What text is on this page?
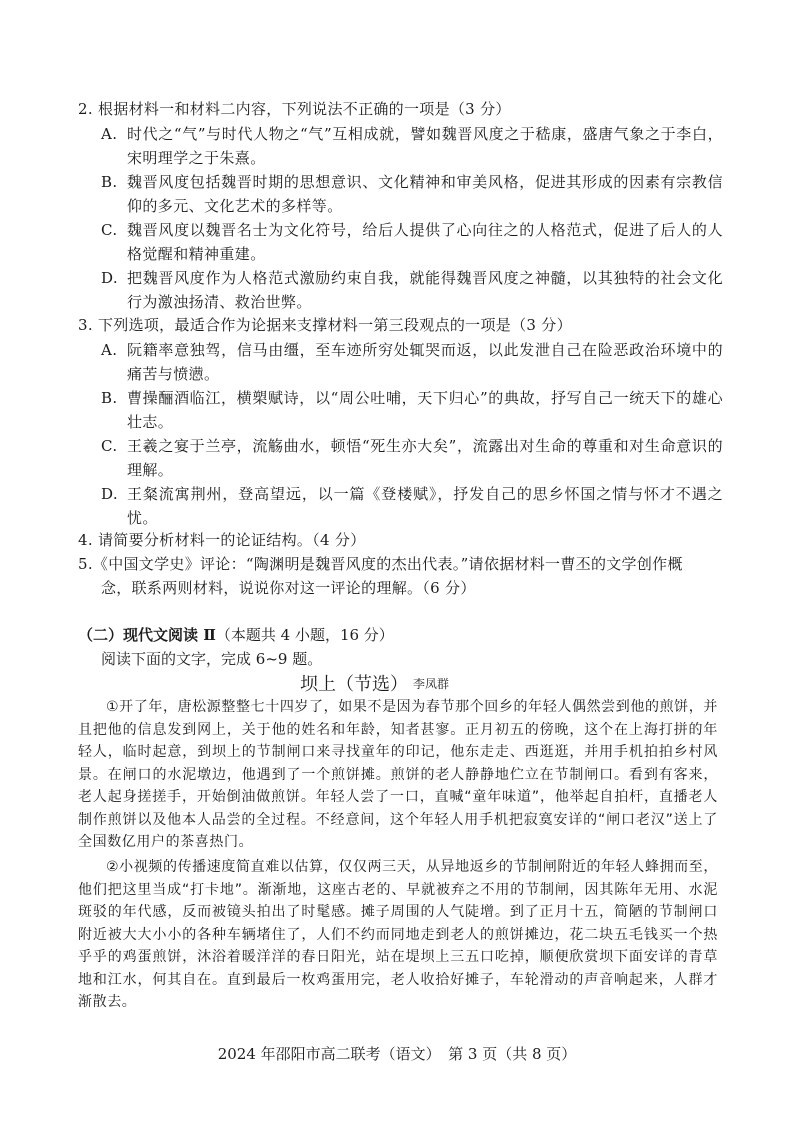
2. 根据材料一和材料二内容，下列说法不正确的一项是（3 分）
A. 时代之“气”与时代人物之“气”互相成就，譬如魏晋风度之于嵇康，盛唐气象之于李白，宋明理学之于朱熹。
B. 魏晋风度包括魏晋时期的思想意识、文化精神和审美风格，促进其形成的因素有宗教信仰的多元、文化艺术的多样等。
C. 魏晋风度以魏晋名士为文化符号，给后人提供了心向往之的人格范式，促进了后人的人格觉醒和精神重建。
D. 把魏晋风度作为人格范式激励约束自我，就能得魏晋风度之神髓，以其独特的社会文化行为激浊扬清、救治世弊。
3. 下列选项，最适合作为论据来支撑材料一第三段观点的一项是（3 分）
A. 阮籍率意独驾，信马由缰，至车迹所穷处辄哭而返，以此发泄自己在险恶政治环境中的痛苦与愤懑。
B. 曹操酾酒临江，横槊赋诗，以“周公吐哺，天下归心”的典故，抒写自己一统天下的雄心壮志。
C. 王羲之宴于兰亭，流觞曲水，顿悟“死生亦大矣”，流露出对生命的尊重和对生命意识的理解。
D. 王粲流寓荆州，登高望远，以一篇《登楼赋》，抒发自己的思乡怀国之情与怀才不遇之忧。
4. 请简要分析材料一的论证结构。（4 分）
5.《中国文学史》评论：“陶渊明是魏晋风度的杰出代表。”请依据材料一曹丕的文学创作概
念，联系两则材料，说说你对这一评论的理解。（6 分）
（二）现代文阅读 Ⅱ（本题共 4 小题，16 分）
阅读下面的文字，完成 6~9 题。
坝上（节选） 李凤群
①开了年，唐松源整整七十四岁了，如果不是因为春节那个回乡的年轻人偶然尝到他的煎饼，并且把他的信息发到网上，关于他的姓名和年龄，知者甚寥。正月初五的傍晚，这个在上海打拼的年轻人，临时起意，到坝上的节制闸口来寻找童年的印记，他东走走、西逛逛，并用手机拍拍乡村风景。在闸口的水泥墩边，他遇到了一个煎饼摊。煎饼的老人静静地伫立在节制闸口。看到有客来，老人起身搓搓手，开始倒油做煎饼。年轻人尝了一口，直喊“童年味道”，他举起自拍杆，直播老人制作煎饼以及他本人品尝的全过程。不经意间，这个年轻人用手机把寂寞安详的“闸口老汉”送上了全国数亿用户的茶喜热门。
②小视频的传播速度简直难以估算，仅仅两三天，从异地返乡的节制闸附近的年轻人蜂拥而至，他们把这里当成“打卡地”。渐渐地，这座古老的、早就被弃之不用的节制闸，因其陈年无用、水泥斑驳的年代感，反而被镜头拍出了时髦感。摊子周围的人气陡增。到了正月十五，简陋的节制闸口附近被大大小小的各种车辆堵住了，人们不约而同地走到老人的煎饼摊边，花二块五毛钱买一个热乎乎的鸡蛋煎饼，沐浴着暖洋洋的春日阳光，站在堤坝上三五口吃掉，顺便欣赏坝下面安详的青草地和江水，何其自在。直到最后一枚鸡蛋用完，老人收拾好摊子，车轮滑动的声音响起来，人群才渐散去。
2024 年邵阳市高二联考（语文）　第 3 页（共 8 页）
